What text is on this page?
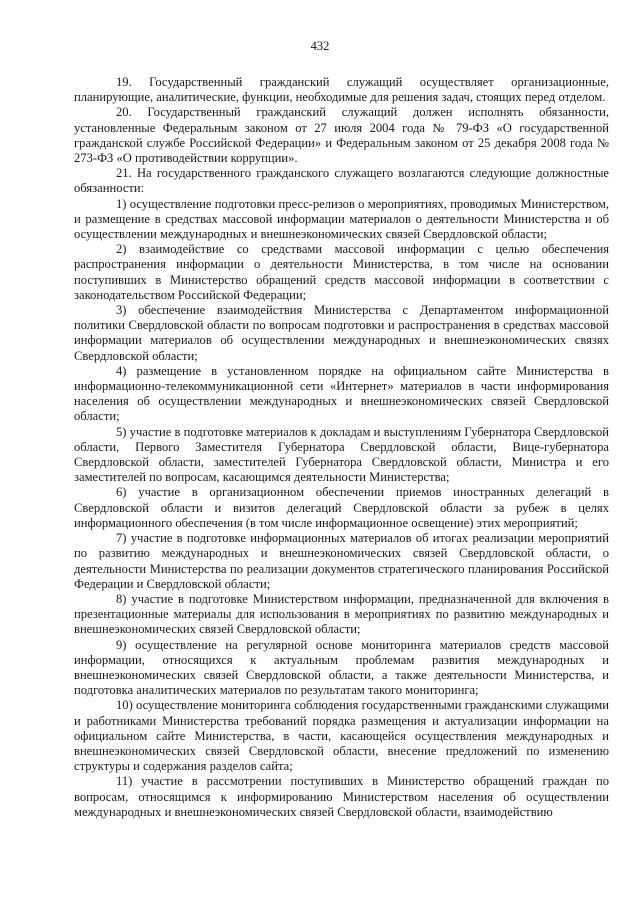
432

19. Государственный гражданский служащий осуществляет организационные, планирующие, аналитические, функции, необходимые для решения задач, стоящих перед отделом.

20. Государственный гражданский служащий должен исполнять обязанности, установленные Федеральным законом от 27 июля 2004 года № 79-ФЗ «О государственной гражданской службе Российской Федерации» и Федеральным законом от 25 декабря 2008 года № 273-ФЗ «О противодействии коррупции».

21. На государственного гражданского служащего возлагаются следующие должностные обязанности:

1) осуществление подготовки пресс-релизов о мероприятиях, проводимых Министерством, и размещение в средствах массовой информации материалов о деятельности Министерства и об осуществлении международных и внешнеэкономических связей Свердловской области;

2) взаимодействие со средствами массовой информации с целью обеспечения распространения информации о деятельности Министерства, в том числе на основании поступивших в Министерство обращений средств массовой информации в соответствии с законодательством Российской Федерации;

3) обеспечение взаимодействия Министерства с Департаментом информационной политики Свердловской области по вопросам подготовки и распространения в средствах массовой информации материалов об осуществлении международных и внешнеэкономических связях Свердловской области;

4) размещение в установленном порядке на официальном сайте Министерства в информационно-телекоммуникационной сети «Интернет» материалов в части информирования населения об осуществлении международных и внешнеэкономических связей Свердловской области;

5) участие в подготовке материалов к докладам и выступлениям Губернатора Свердловской области, Первого Заместителя Губернатора Свердловской области, Вице-губернатора Свердловской области, заместителей Губернатора Свердловской области, Министра и его заместителей по вопросам, касающимся деятельности Министерства;

6) участие в организационном обеспечении приемов иностранных делегаций в Свердловской области и визитов делегаций Свердловской области за рубеж в целях информационного обеспечения (в том числе информационное освещение) этих мероприятий;

7) участие в подготовке информационных материалов об итогах реализации мероприятий по развитию международных и внешнеэкономических связей Свердловской области, о деятельности Министерства по реализации документов стратегического планирования Российской Федерации и Свердловской области;

8) участие в подготовке Министерством информации, предназначенной для включения в презентационные материалы для использования в мероприятиях по развитию международных и внешнеэкономических связей Свердловской области;

9) осуществление на регулярной основе мониторинга материалов средств массовой информации, относящихся к актуальным проблемам развития международных и внешнеэкономических связей Свердловской области, а также деятельности Министерства, и подготовка аналитических материалов по результатам такого мониторинга;

10) осуществление мониторинга соблюдения государственными гражданскими служащими и работниками Министерства требований порядка размещения и актуализации информации на официальном сайте Министерства, в части, касающейся осуществления международных и внешнеэкономических связей Свердловской области, внесение предложений по изменению структуры и содержания разделов сайта;

11) участие в рассмотрении поступивших в Министерство обращений граждан по вопросам, относящимся к информированию Министерством населения об осуществлении международных и внешнеэкономических связей Свердловской области, взаимодействию
